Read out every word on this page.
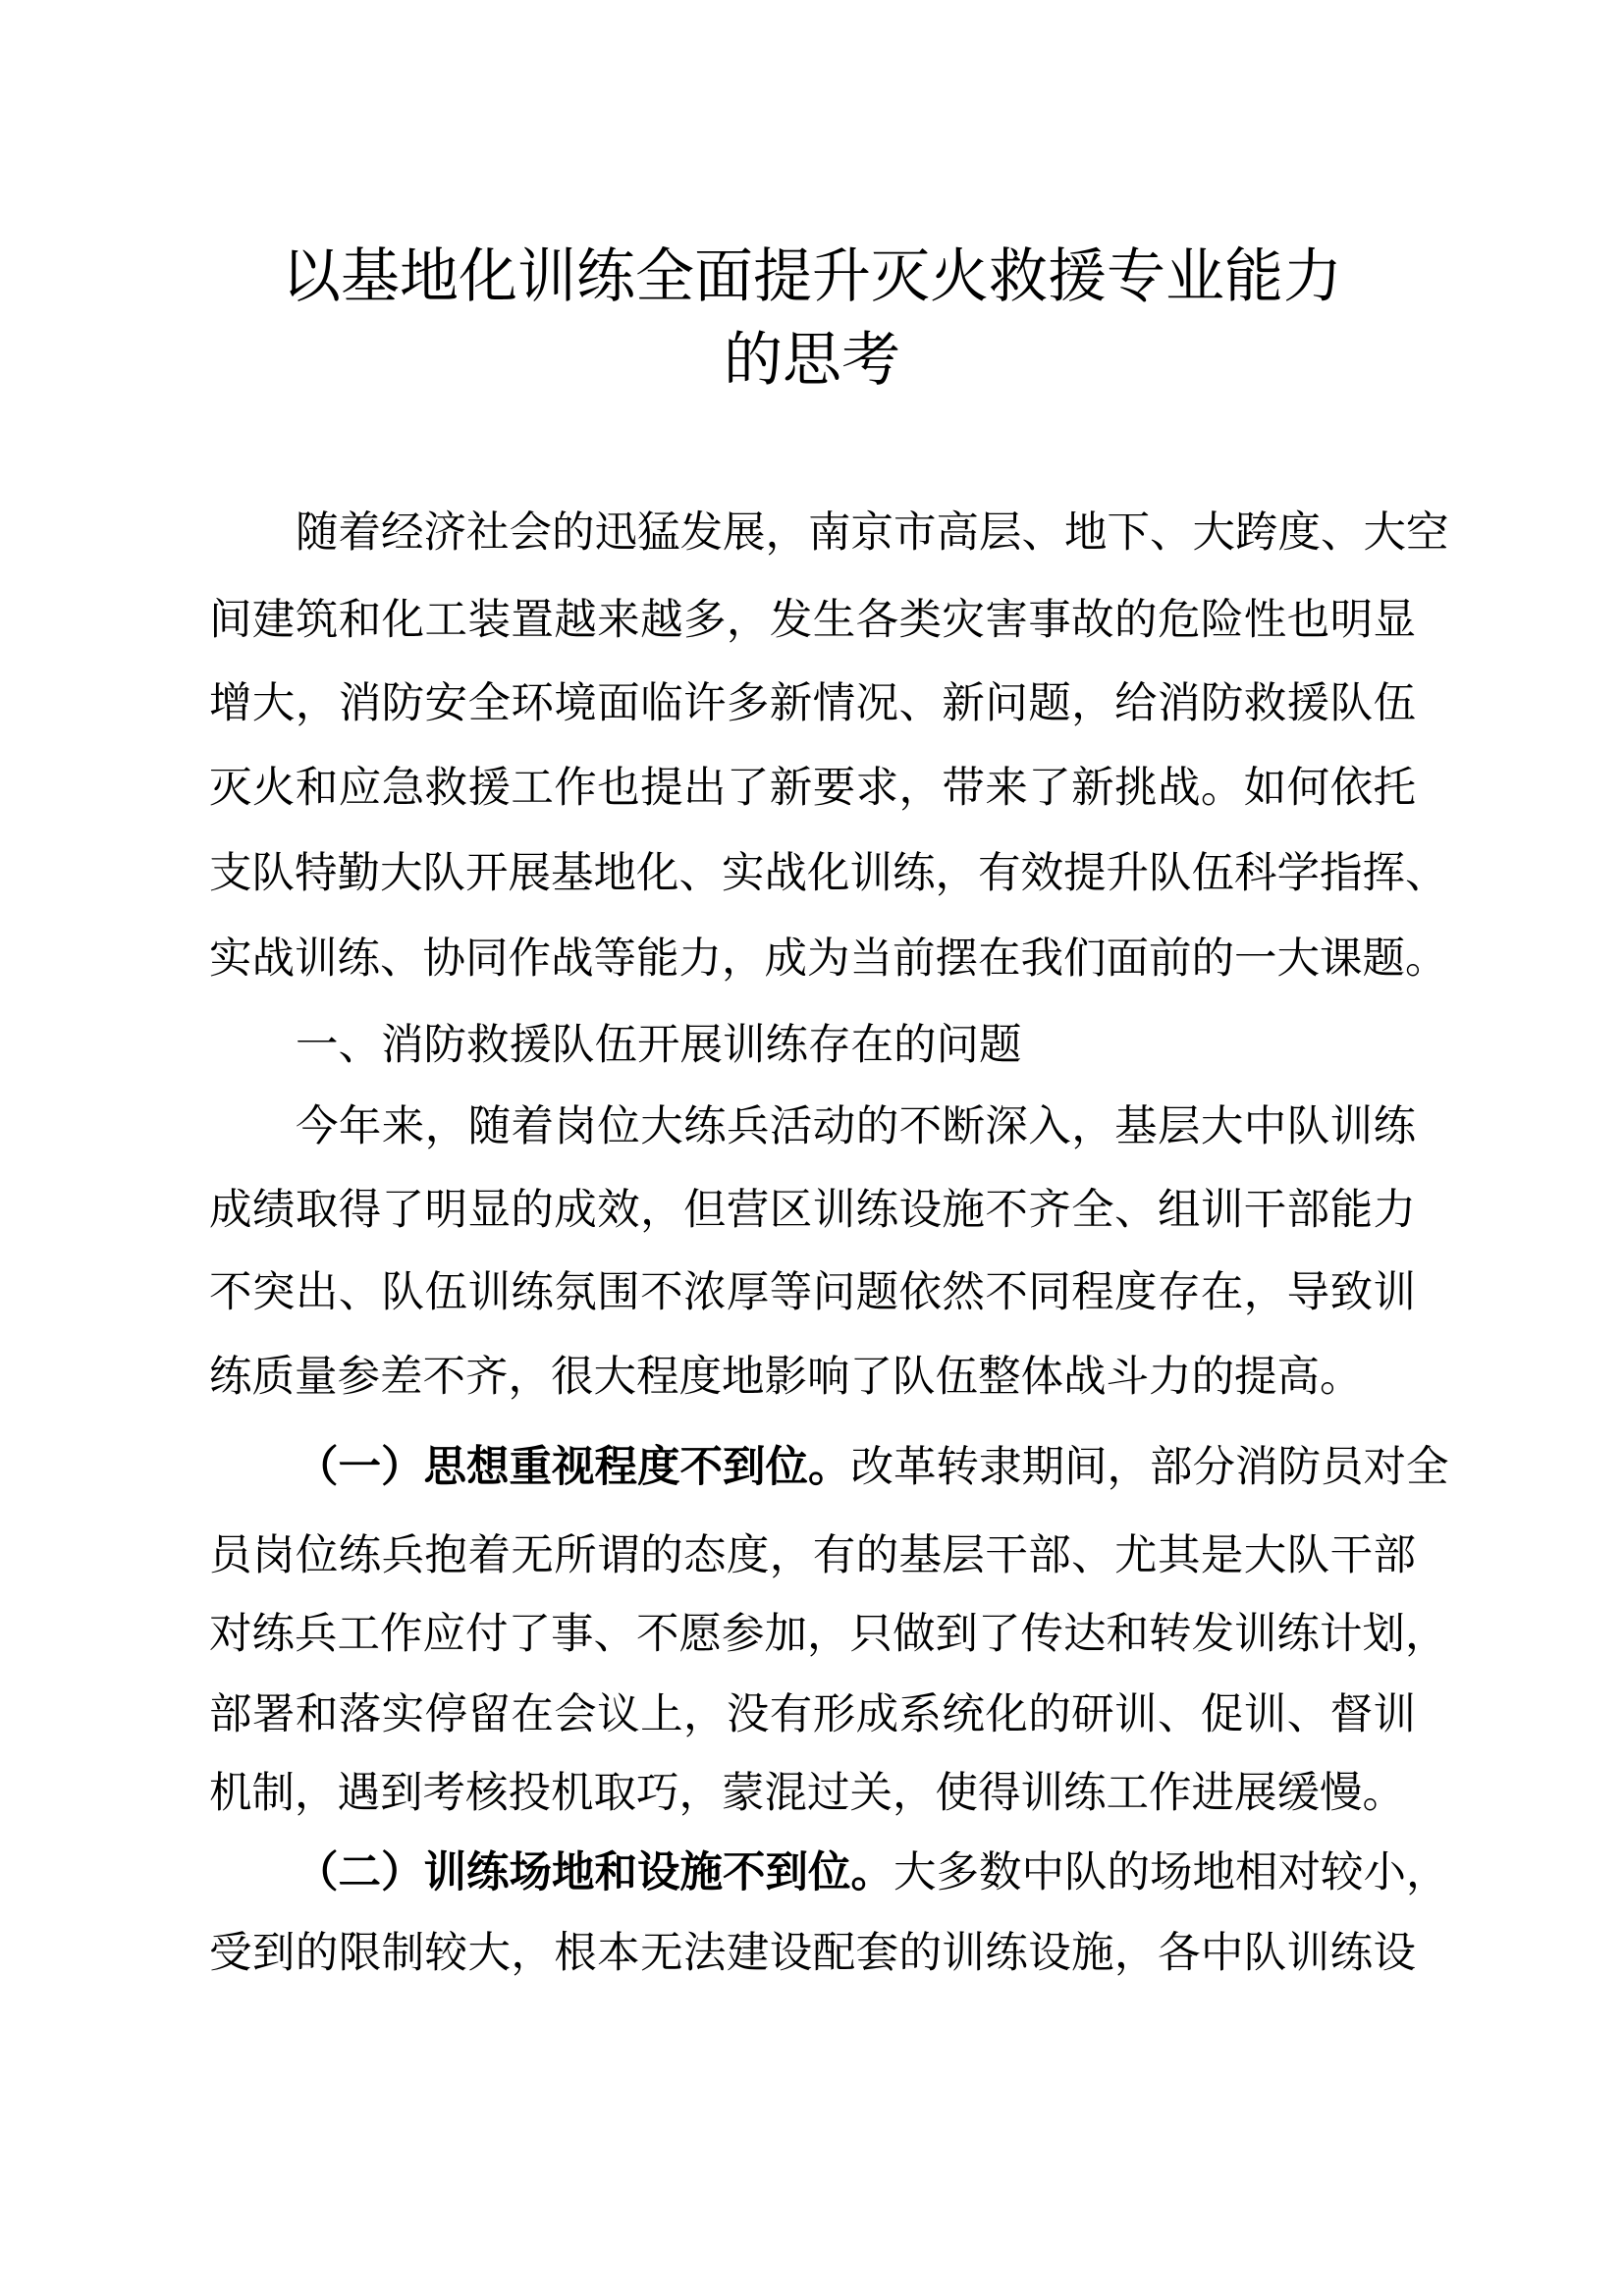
以基地化训练全面提升灭火救援专业能力
的思考
随着经济社会的迅猛发展，南京市高层、地下、大跨度、大空
间建筑和化工装置越来越多，发生各类灾害事故的危险性也明显
增大，消防安全环境面临许多新情况、新问题，给消防救援队伍
灭火和应急救援工作也提出了新要求，带来了新挑战。如何依托
支队特勤大队开展基地化、实战化训练，有效提升队伍科学指挥、
实战训练、协同作战等能力，成为当前摆在我们面前的一大课题。
一、消防救援队伍开展训练存在的问题
今年来，随着岗位大练兵活动的不断深入，基层大中队训练
成绩取得了明显的成效，但营区训练设施不齐全、组训干部能力
不突出、队伍训练氛围不浓厚等问题依然不同程度存在，导致训
练质量参差不齐，很大程度地影响了队伍整体战斗力的提高。
（一）思想重视程度不到位。 改革转隶期间，部分消防员对全
员岗位练兵抱着无所谓的态度，有的基层干部、尤其是大队干部
对练兵工作应付了事、不愿参加，只做到了传达和转发训练计划，
部署和落实停留在会议上，没有形成系统化的研训、促训、督训
机制，遇到考核投机取巧，蒙混过关，使得训练工作进展缓慢。
（二）训练场地和设施不到位。 大多数中队的场地相对较小，
受到的限制较大，根本无法建设配套的训练设施，各中队训练设
